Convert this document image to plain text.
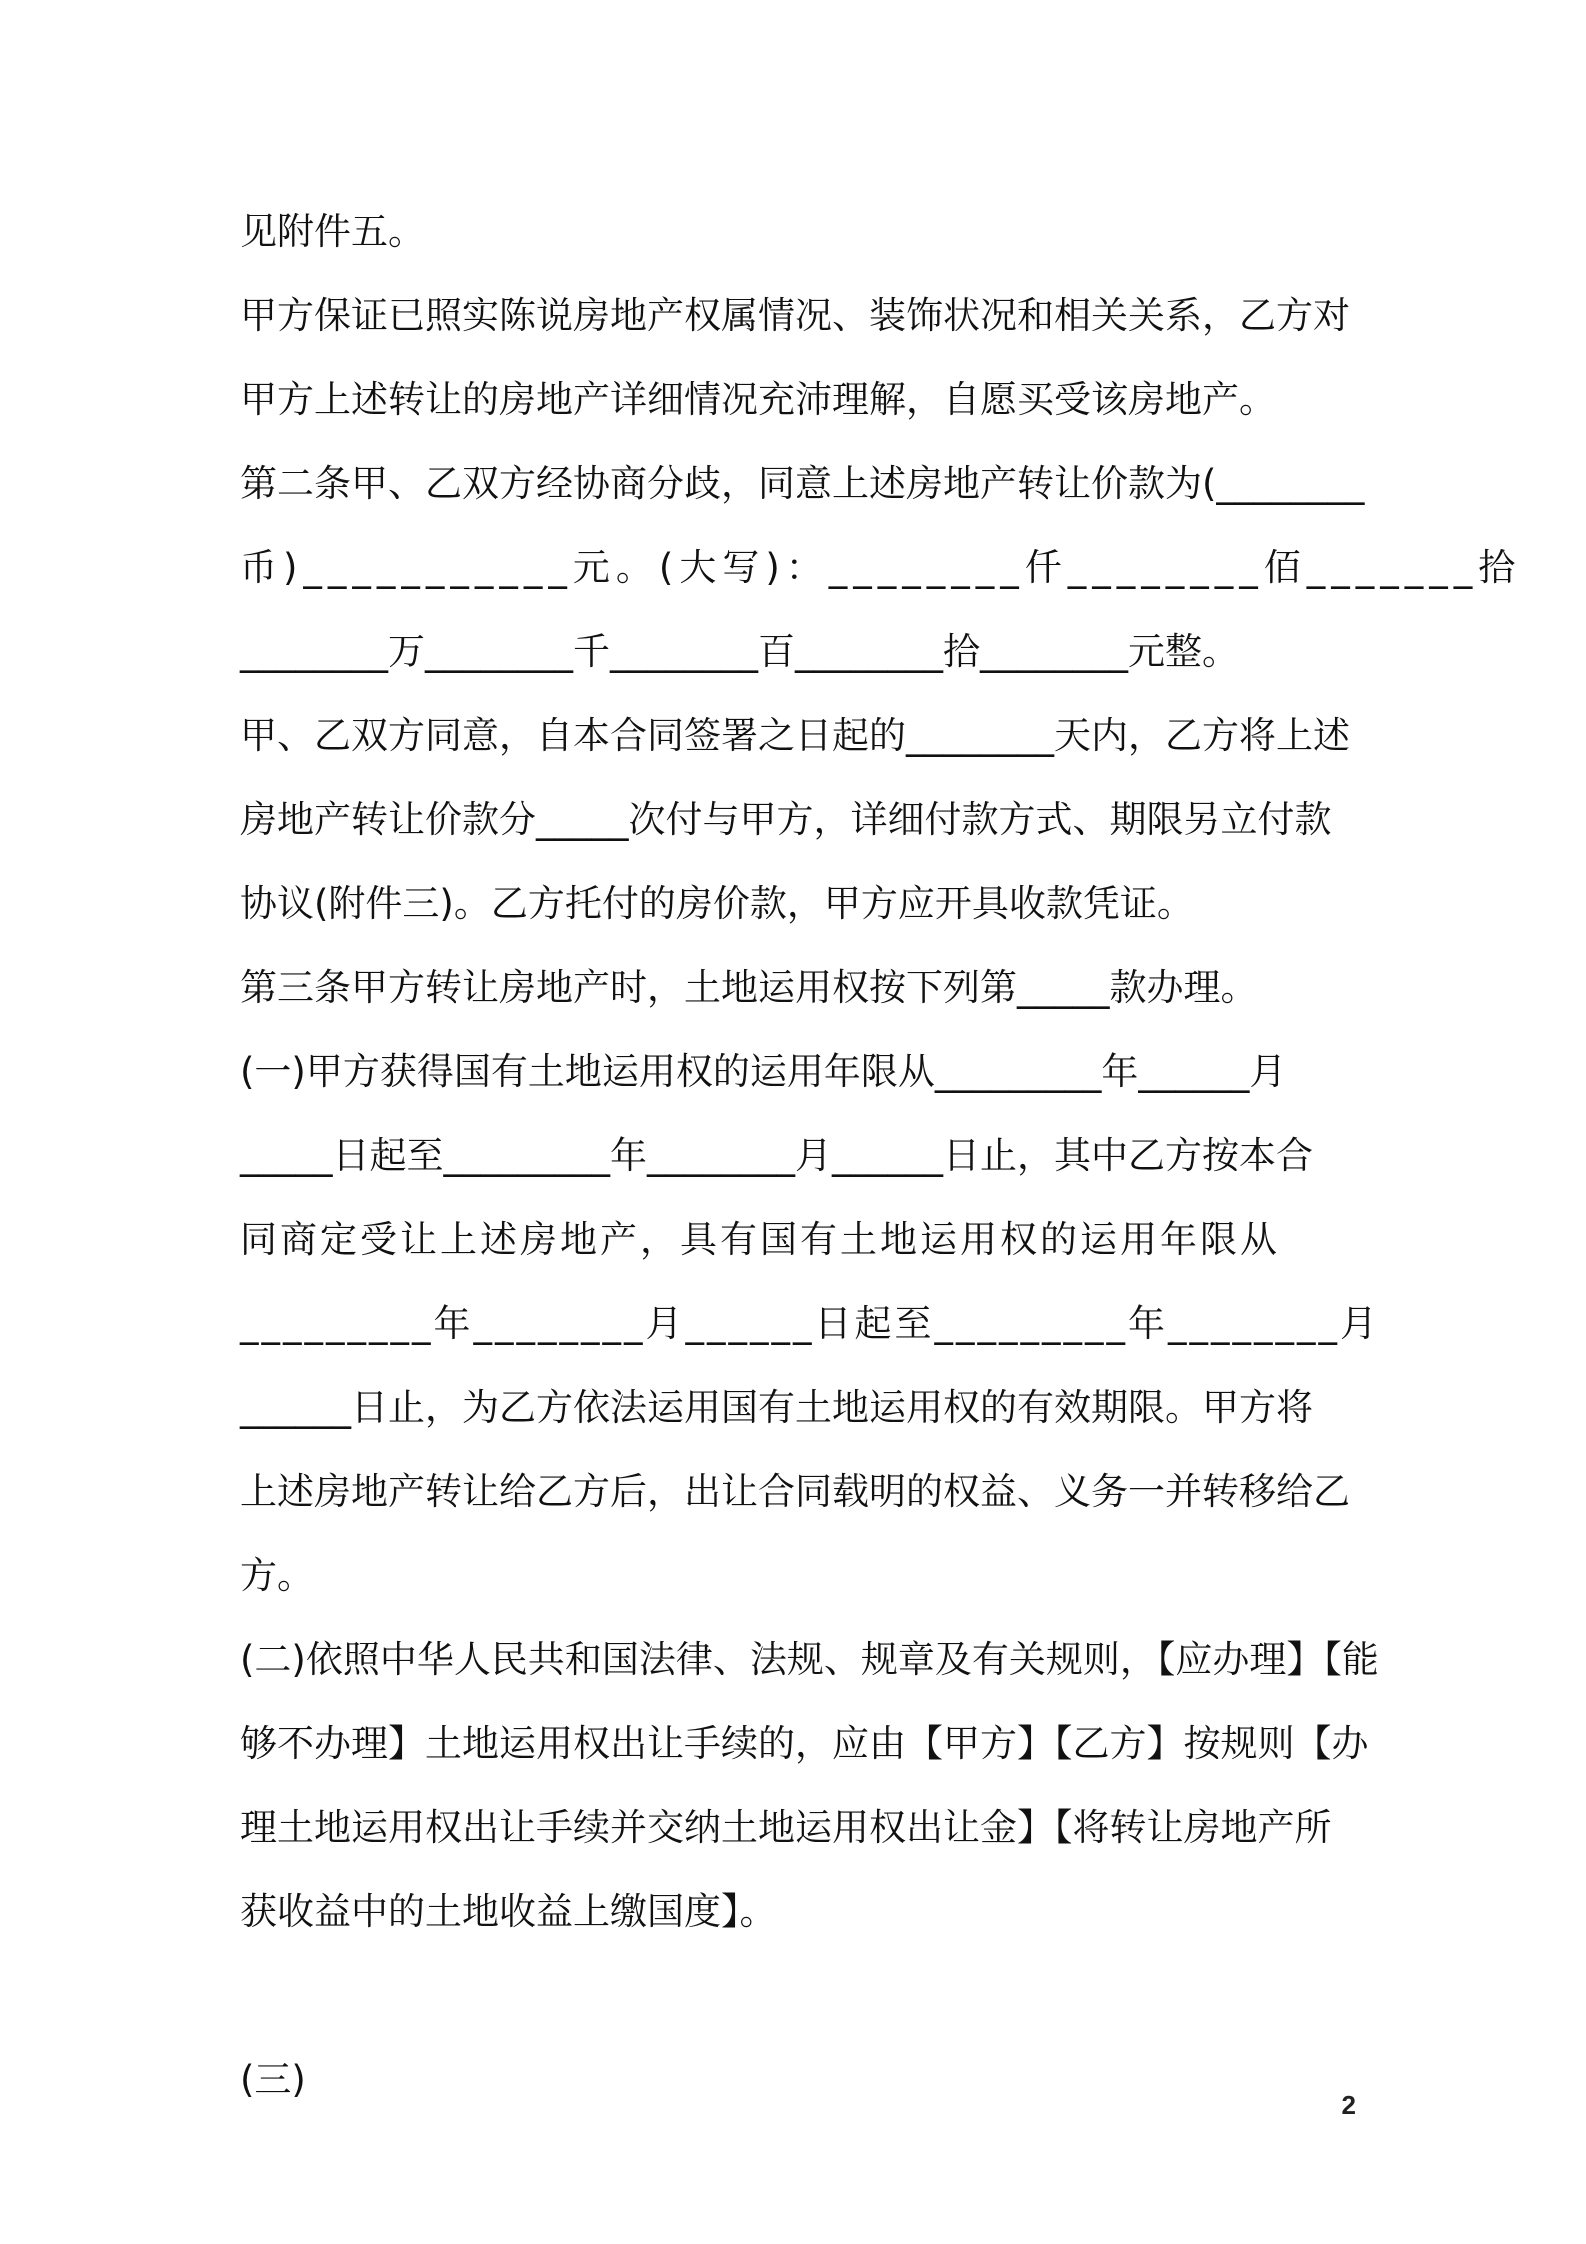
见附件五。
甲方保证已照实陈说房地产权属情况、装饰状况和相关关系，乙方对
甲方上述转让的房地产详细情况充沛理解，自愿买受该房地产。
第二条甲、乙双方经协商分歧，同意上述房地产转让价款为(________
币)___________元。(大写)：________仟________佰_______拾
________万________千________百________拾________元整。
甲、乙双方同意，自本合同签署之日起的________天内，乙方将上述
房地产转让价款分_____次付与甲方，详细付款方式、期限另立付款
协议(附件三)。乙方托付的房价款，甲方应开具收款凭证。
第三条甲方转让房地产时，土地运用权按下列第_____款办理。
(一)甲方获得国有土地运用权的运用年限从_________年______月
_____日起至_________年________月______日止，其中乙方按本合
同商定受让上述房地产，具有国有土地运用权的运用年限从
_________年________月______日起至_________年________月
______日止，为乙方依法运用国有土地运用权的有效期限。甲方将
上述房地产转让给乙方后，出让合同载明的权益、义务一并转移给乙
方。
(二)依照中华人民共和国法律、法规、规章及有关规则，【应办理】【能
够不办理】土地运用权出让手续的，应由【甲方】【乙方】按规则【办
理土地运用权出让手续并交纳土地运用权出让金】【将转让房地产所
获收益中的土地收益上缴国度】。
(三)
2
